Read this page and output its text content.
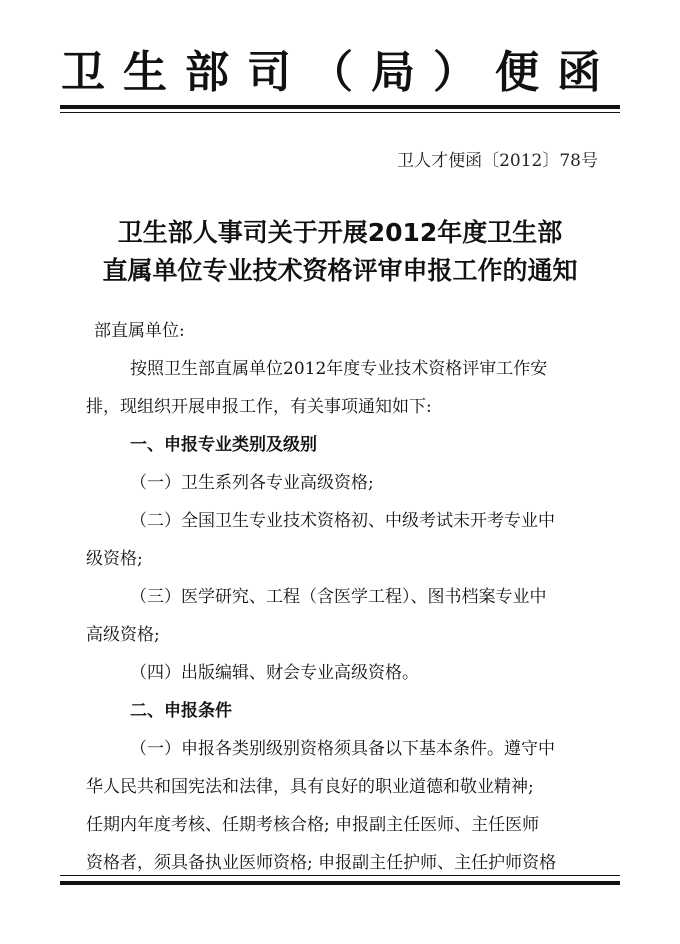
卫生部司（局）便函
卫人才便函〔2012〕78号
卫生部人事司关于开展2012年度卫生部
直属单位专业技术资格评审申报工作的通知
部直属单位:
按照卫生部直属单位2012年度专业技术资格评审工作安
排，现组织开展申报工作，有关事项通知如下:
一、申报专业类别及级别
（一）卫生系列各专业高级资格;
（二）全国卫生专业技术资格初、中级考试未开考专业中
级资格;
（三）医学研究、工程（含医学工程）、图书档案专业中
高级资格;
（四）出版编辑、财会专业高级资格。
二、申报条件
（一）申报各类别级别资格须具备以下基本条件。遵守中
华人民共和国宪法和法律，具有良好的职业道德和敬业精神;
任期内年度考核、任期考核合格; 申报副主任医师、主任医师
资格者，须具备执业医师资格; 申报副主任护师、主任护师资格
